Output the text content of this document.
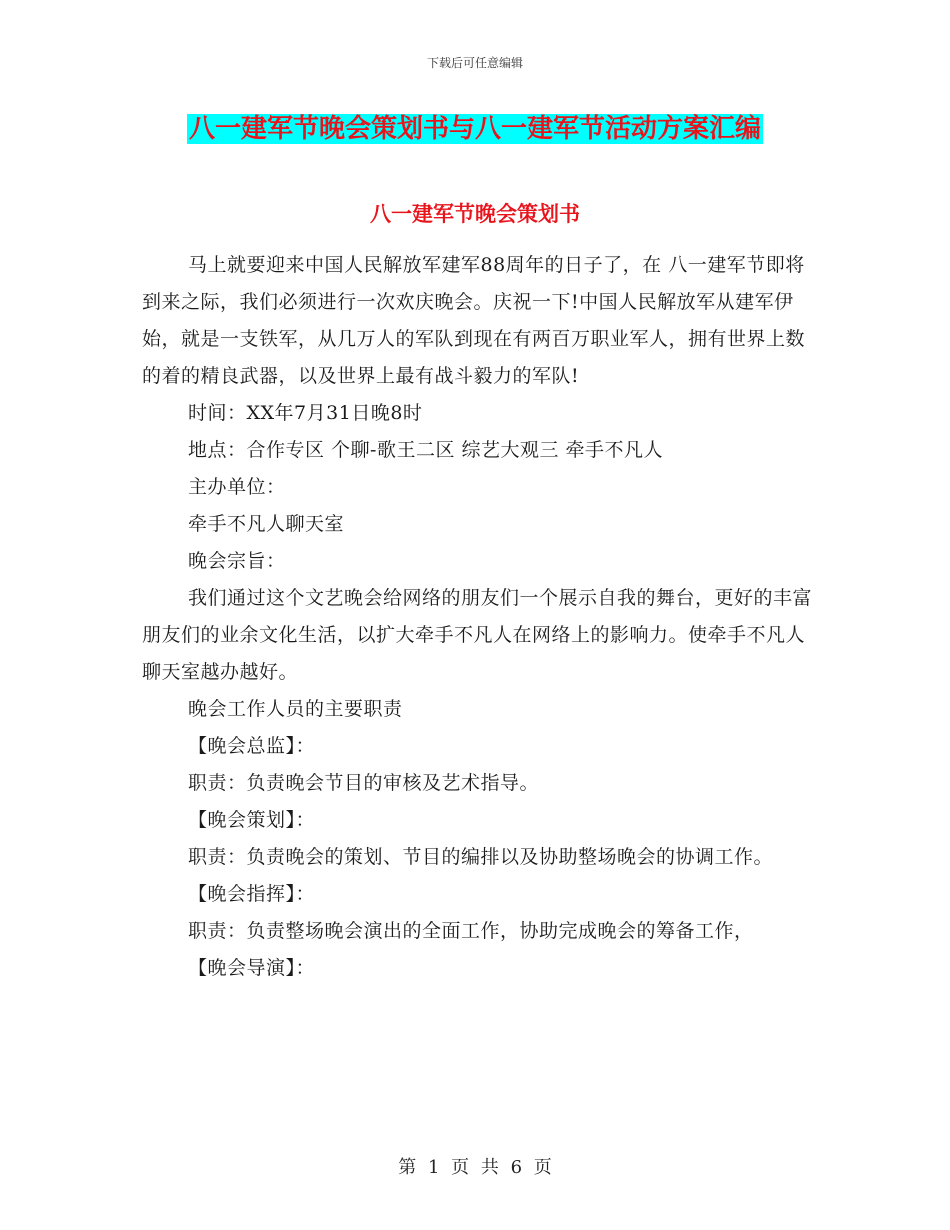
下载后可任意编辑
八一建军节晚会策划书与八一建军节活动方案汇编
八一建军节晚会策划书

马上就要迎来中国人民解放军建军88周年的日子了，在 八一建军节即将到来之际，我们必须进行一次欢庆晚会。庆祝一下!中国人民解放军从建军伊始，就是一支铁军，从几万人的军队到现在有两百万职业军人，拥有世界上数的着的精良武器，以及世界上最有战斗毅力的军队!

时间：XX年7月31日晚8时

地点：合作专区 个聊-歌王二区 综艺大观三 牵手不凡人

主办单位：

牵手不凡人聊天室

晚会宗旨：

我们通过这个文艺晚会给网络的朋友们一个展示自我的舞台，更好的丰富朋友们的业余文化生活，以扩大牵手不凡人在网络上的影响力。使牵手不凡人聊天室越办越好。

晚会工作人员的主要职责

【晚会总监】：

职责：负责晚会节目的审核及艺术指导。

【晚会策划】：

职责：负责晚会的策划、节目的编排以及协助整场晚会的协调工作。

【晚会指挥】：

职责：负责整场晚会演出的全面工作，协助完成晚会的筹备工作，

【晚会导演】：

第 1 页 共 6 页
